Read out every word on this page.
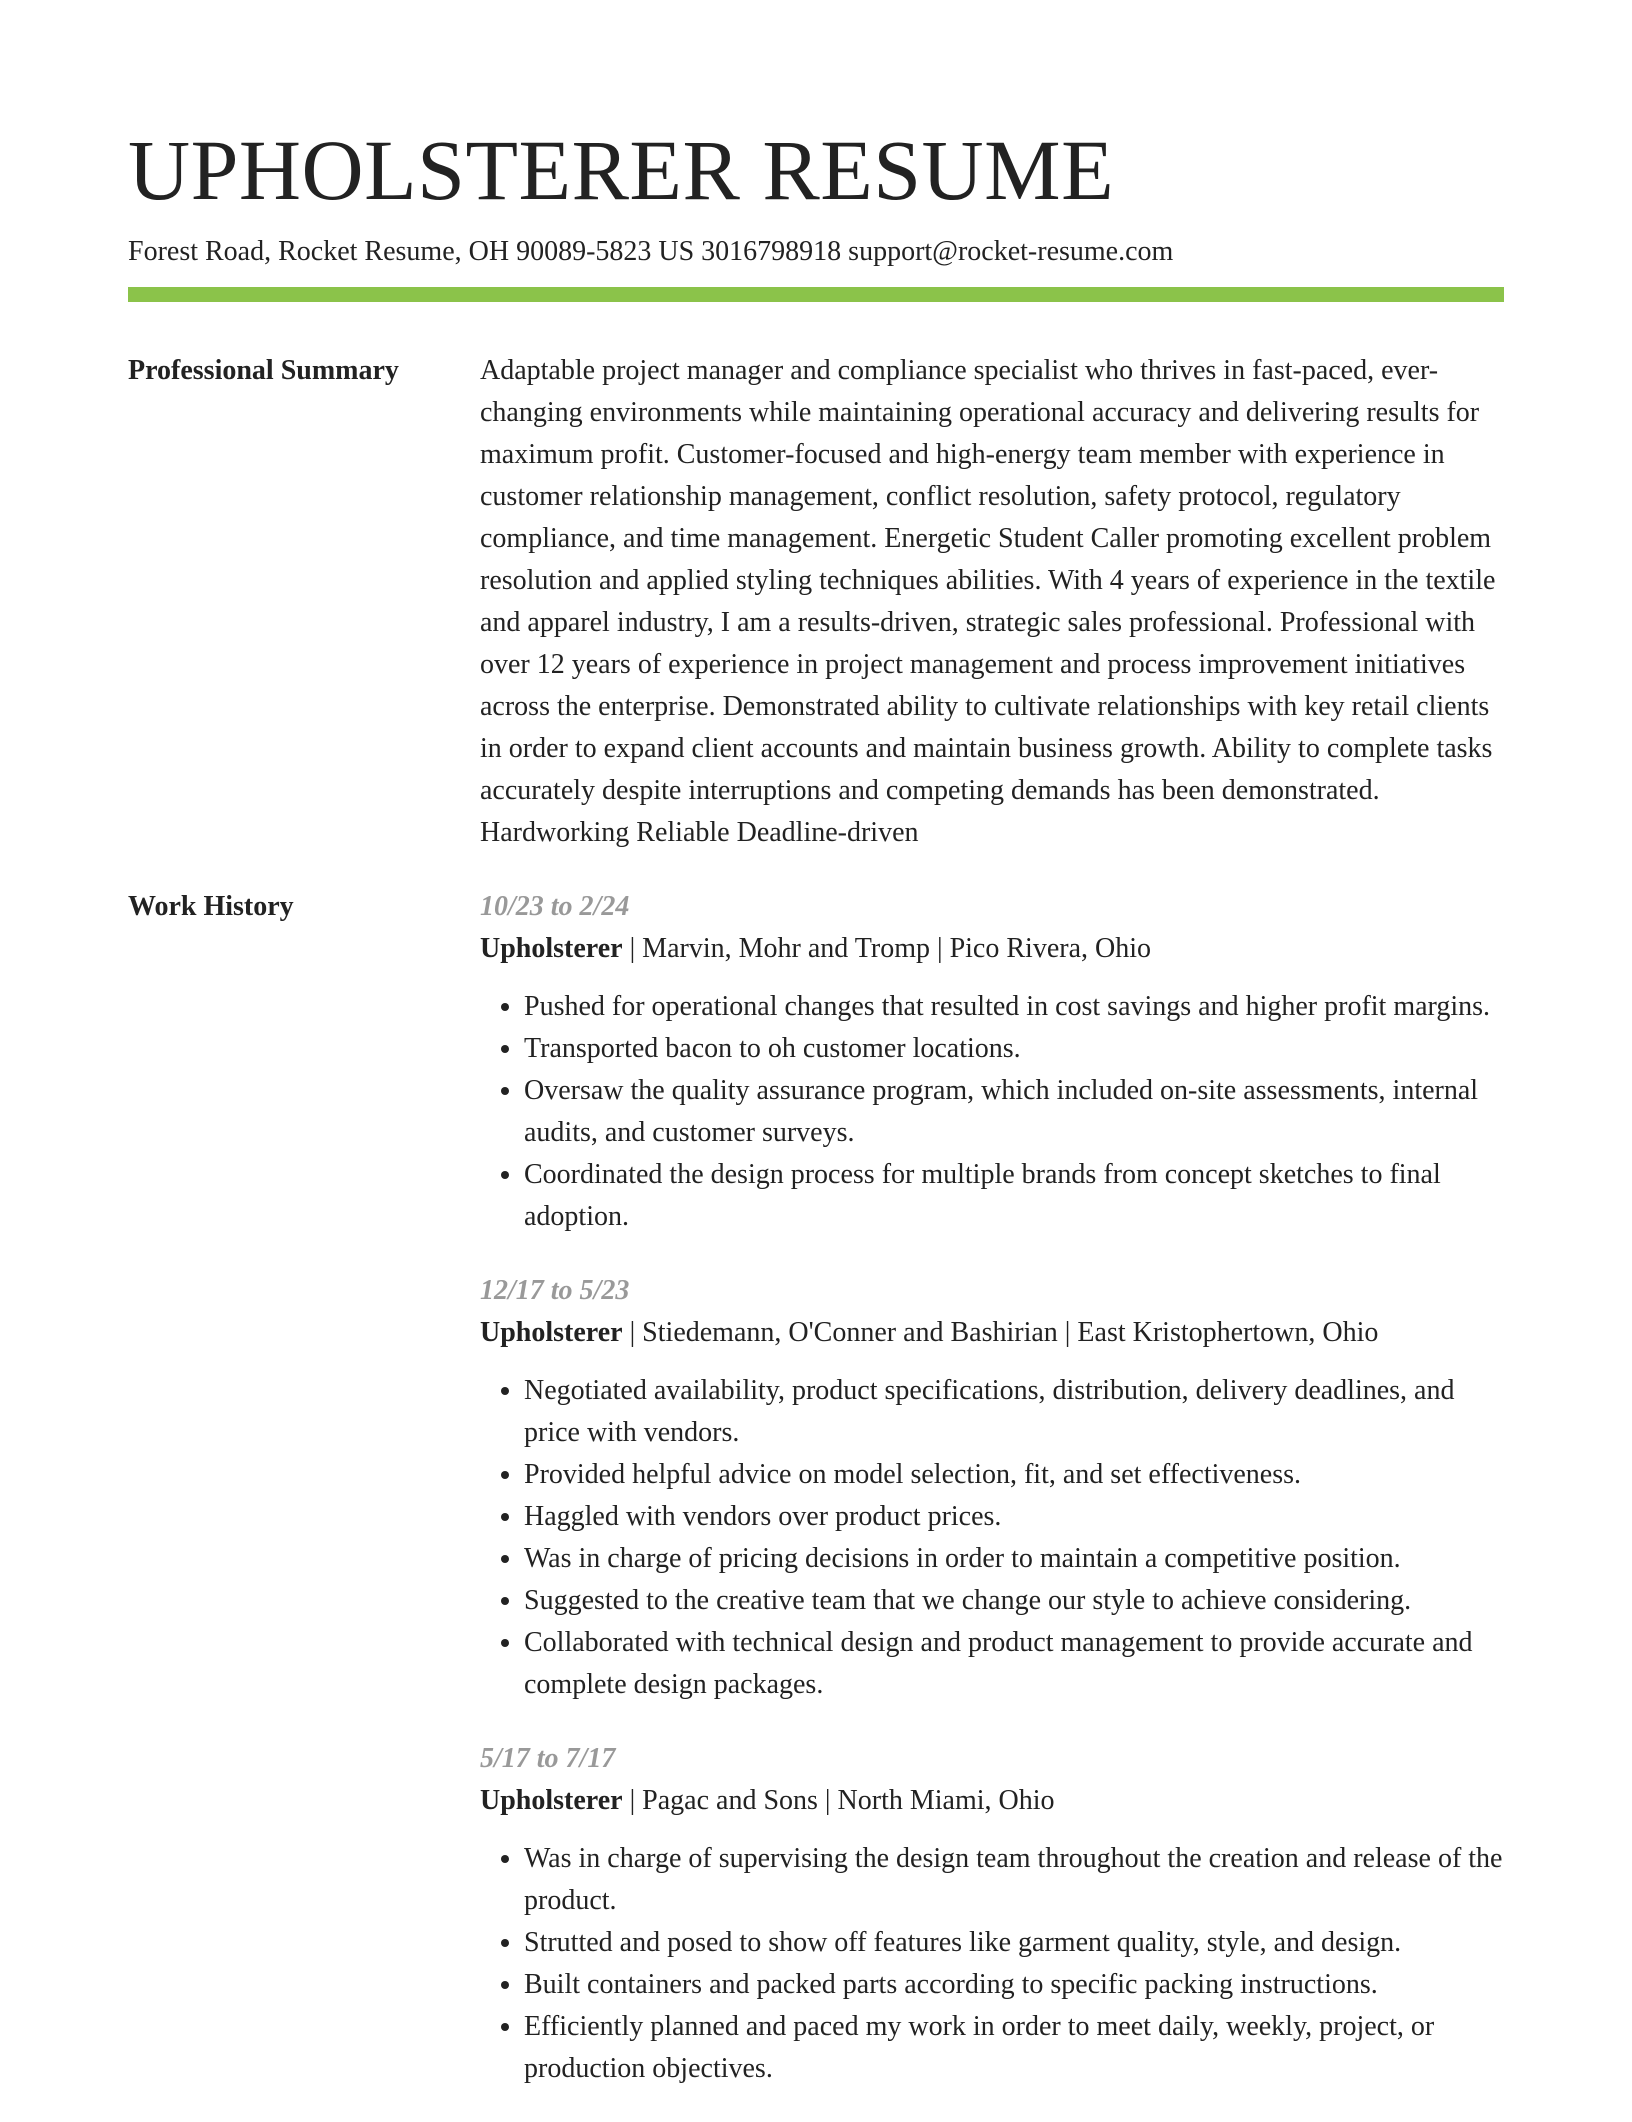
UPHOLSTERER RESUME
Forest Road, Rocket Resume, OH 90089-5823 US 3016798918 support@rocket-resume.com
Professional Summary	Adaptable project manager and compliance specialist who thrives in fast-paced, ever-changing environments while maintaining operational accuracy and delivering results for maximum profit. Customer-focused and high-energy team member with experience in customer relationship management, conflict resolution, safety protocol, regulatory compliance, and time management. Energetic Student Caller promoting excellent problem resolution and applied styling techniques abilities. With 4 years of experience in the textile and apparel industry, I am a results-driven, strategic sales professional. Professional with over 12 years of experience in project management and process improvement initiatives across the enterprise. Demonstrated ability to cultivate relationships with key retail clients in order to expand client accounts and maintain business growth. Ability to complete tasks accurately despite interruptions and competing demands has been demonstrated. Hardworking Reliable Deadline-driven

Work History	10/23 to 2/24
Upholsterer | Marvin, Mohr and Tromp | Pico Rivera, Ohio
• Pushed for operational changes that resulted in cost savings and higher profit margins.
• Transported bacon to oh customer locations.
• Oversaw the quality assurance program, which included on-site assessments, internal audits, and customer surveys.
• Coordinated the design process for multiple brands from concept sketches to final adoption.
12/17 to 5/23
Upholsterer | Stiedemann, O'Conner and Bashirian | East Kristophertown, Ohio
• Negotiated availability, product specifications, distribution, delivery deadlines, and price with vendors.
• Provided helpful advice on model selection, fit, and set effectiveness.
• Haggled with vendors over product prices.
• Was in charge of pricing decisions in order to maintain a competitive position.
• Suggested to the creative team that we change our style to achieve considering.
• Collaborated with technical design and product management to provide accurate and complete design packages.
5/17 to 7/17
Upholsterer | Pagac and Sons | North Miami, Ohio
• Was in charge of supervising the design team throughout the creation and release of the product.
• Strutted and posed to show off features like garment quality, style, and design.
• Built containers and packed parts according to specific packing instructions.
• Efficiently planned and paced my work in order to meet daily, weekly, project, or production objectives.
